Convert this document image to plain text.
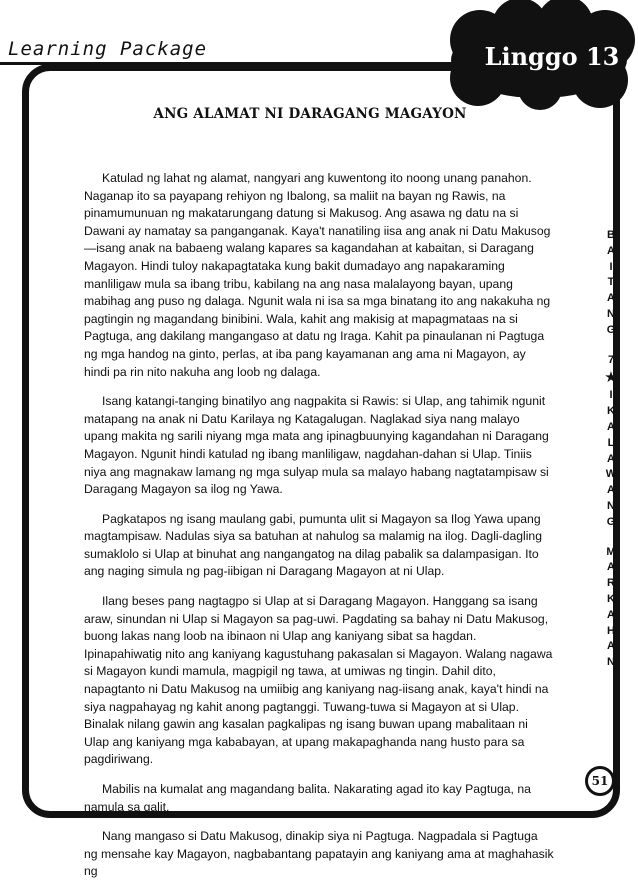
Learning Package	Linggo 13
ANG ALAMAT NI DARAGANG MAGAYON

Katulad ng lahat ng alamat, nangyari ang kuwentong ito noong unang panahon. Naganap ito sa payapang rehiyon ng Ibalong, sa maliit na bayan ng Rawis, na pinamumunuan ng makatarungang datung si Makusog. Ang asawa ng datu na si Dawani ay namatay sa panganganak. Kaya't nanatiling iisa ang anak ni Datu Makusog—isang anak na babaeng walang kapares sa kagandahan at kabaitan, si Daragang Magayon. Hindi tuloy nakapagtataka kung bakit dumadayo ang napakaraming manliligaw mula sa ibang tribu, kabilang na ang nasa malalayong bayan, upang mabihag ang puso ng dalaga. Ngunit wala ni isa sa mga binatang ito ang nakakuha ng pagtingin ng magandang binibini. Wala, kahit ang makisig at mapagmataas na si Pagtuga, ang dakilang mangangaso at datu ng Iraga. Kahit pa pinaulanan ni Pagtuga ng mga handog na ginto, perlas, at iba pang kayamanan ang ama ni Magayon, ay hindi pa rin nito nakuha ang loob ng dalaga.

Isang katangi-tanging binatilyo ang nagpakita si Rawis: si Ulap, ang tahimik ngunit matapang na anak ni Datu Karilaya ng Katagalugan. Naglakad siya nang malayo upang makita ng sarili niyang mga mata ang ipinagbuunying kagandahan ni Daragang Magayon. Ngunit hindi katulad ng ibang manliligaw, nagdahan-dahan si Ulap. Tiniis niya ang magnakaw lamang ng mga sulyap mula sa malayo habang nagtatampisaw si Daragang Magayon sa ilog ng Yawa.

Pagkatapos ng isang maulang gabi, pumunta ulit si Magayon sa Ilog Yawa upang magtampisaw. Nadulas siya sa batuhan at nahulog sa malamig na ilog. Dagli-dagling sumaklolo si Ulap at binuhat ang nangangatog na dilag pabalik sa dalampasigan. Ito ang naging simula ng pag-iibigan ni Daragang Magayon at ni Ulap.

Ilang beses pang nagtagpo si Ulap at si Daragang Magayon. Hanggang sa isang araw, sinundan ni Ulap si Magayon sa pag-uwi. Pagdating sa bahay ni Datu Makusog, buong lakas nang loob na ibinaon ni Ulap ang kaniyang sibat sa hagdan. Ipinapahiwatig nito ang kaniyang kagustuhang pakasalan si Magayon. Walang nagawa si Magayon kundi mamula, magpigil ng tawa, at umiwas ng tingin. Dahil dito, napagtanto ni Datu Makusog na umiibig ang kaniyang nag-iisang anak, kaya't hindi na siya nagpahayag ng kahit anong pagtanggi. Tuwang-tuwa si Magayon at si Ulap. Binalak nilang gawin ang kasalan pagkalipas ng isang buwan upang mabalitaan ni Ulap ang kaniyang mga kababayan, at upang makapaghanda nang husto para sa pagdiriwang.

Mabilis na kumalat ang magandang balita. Nakarating agad ito kay Pagtuga, na namula sa galit.

Nang mangaso si Datu Makusog, dinakip siya ni Pagtuga. Nagpadala si Pagtuga ng mensahe kay Magayon, nagbabantang papatayin ang kaniyang ama at maghahasik ng

B
A
I
T
A
N
G
7
★
I
K
A
L
A
W
A
N
G
M
A
R
K
A
H
A
N
51
